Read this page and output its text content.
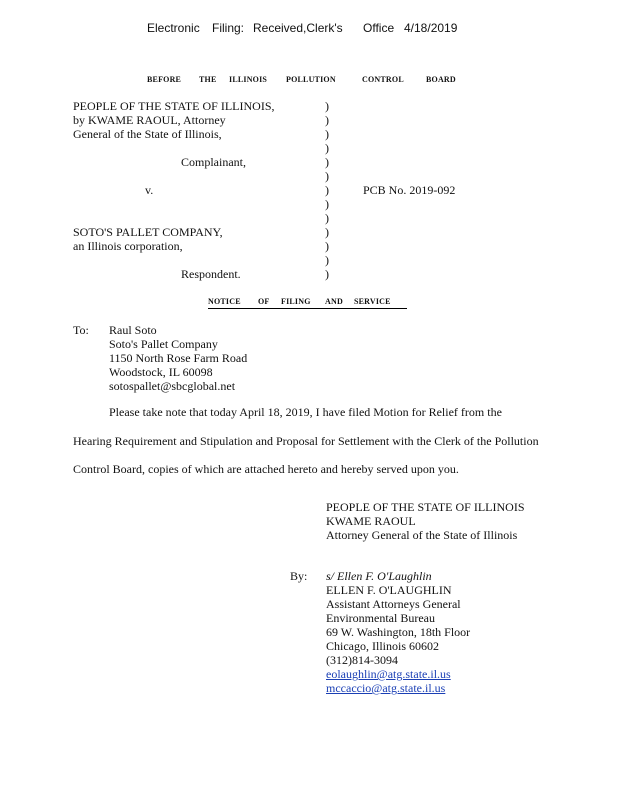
Electronic Filing: Received,Clerk's Office 4/18/2019
BEFORE THE ILLINOIS POLLUTION	CONTROL	BOARD
PEOPLE OF THE STATE OF ILLINOIS,
by KWAME RAOUL, Attorney
General of the State of Illinois,
Complainant,
v.
SOTO'S PALLET COMPANY,
an Illinois corporation,
Respondent.
)
)
)
)
)
)
)
)
)
)
)
)
)
PCB No. 2019-092
NOTICE OF FILING AND SERVICE
To: Raul Soto
Soto's Pallet Company
1150 North Rose Farm Road
Woodstock, IL 60098
sotospallet@sbcglobal.net
Please take note that today April 18, 2019, I have filed Motion for Relief from the
Hearing Requirement and Stipulation and Proposal for Settlement with the Clerk of the Pollution
Control Board, copies of which are attached hereto and hereby served upon you.
PEOPLE OF THE STATE OF ILLINOIS
KWAME RAOUL
Attorney General of the State of Illinois
By: s/ Ellen F. O'Laughlin
ELLEN F. O'LAUGHLIN
Assistant Attorneys General
Environmental Bureau
69 W. Washington, 18th Floor
Chicago, Illinois 60602
(312)814-3094
eolaughlin@atg.state.il.us
mccaccio@atg.state.il.us
